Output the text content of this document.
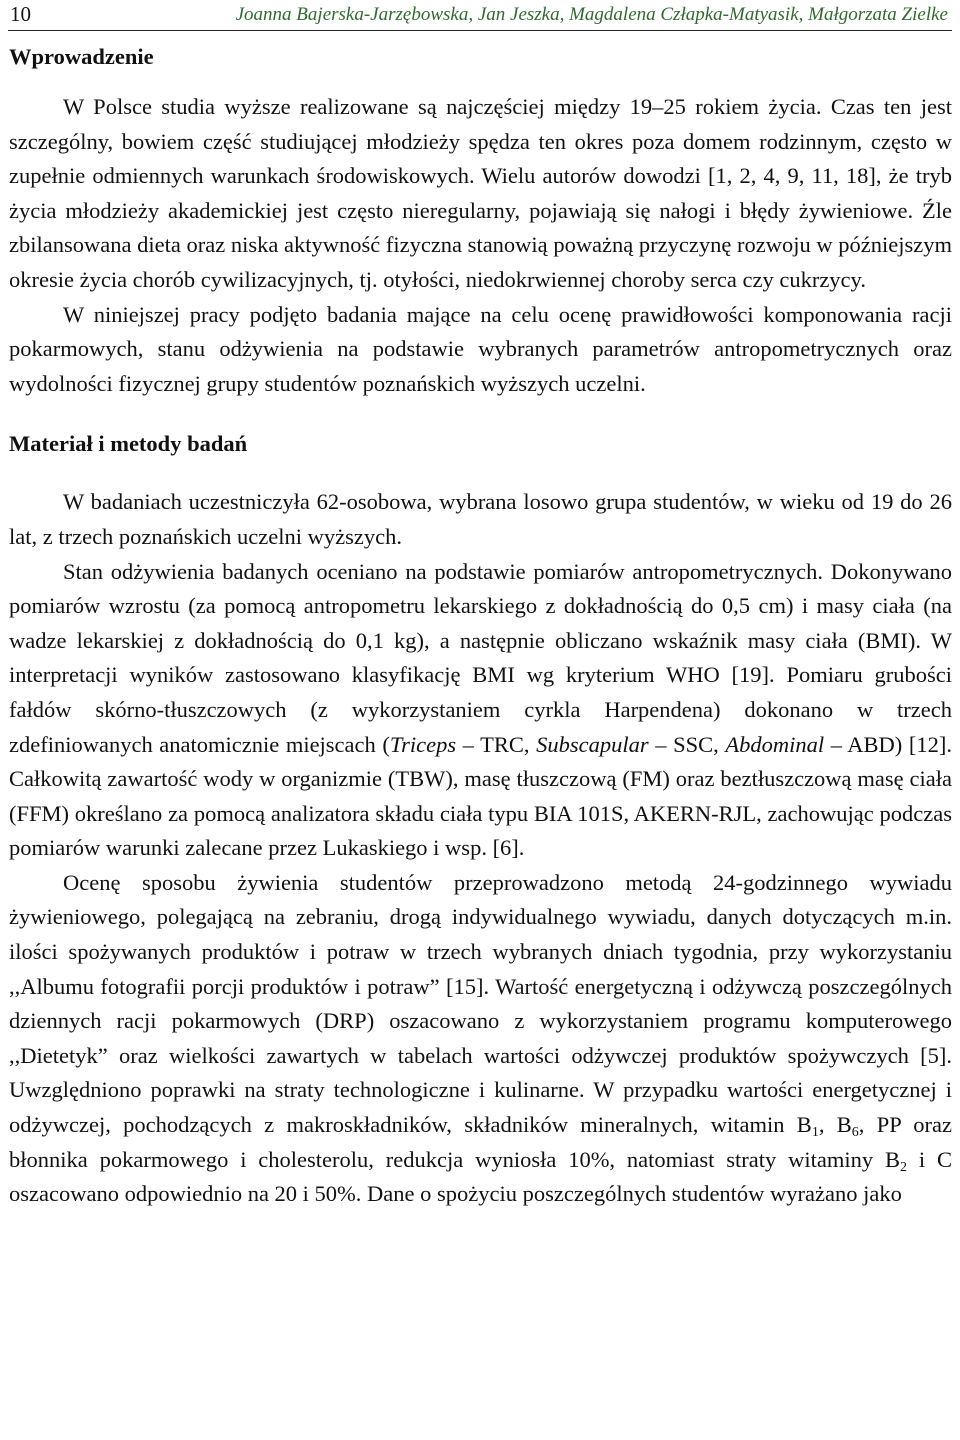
10	Joanna Bajerska-Jarzębowska, Jan Jeszka, Magdalena Człapka-Matyasik, Małgorzata Zielke
Wprowadzenie

W Polsce studia wyższe realizowane są najczęściej między 19–25 rokiem życia. Czas ten jest szczególny, bowiem część studiującej młodzieży spędza ten okres poza domem rodzinnym, często w zupełnie odmiennych warunkach środowiskowych. Wielu autorów dowodzi [1, 2, 4, 9, 11, 18], że tryb życia młodzieży akademickiej jest często nieregularny, pojawiają się nałogi i błędy żywieniowe. Źle zbilansowana dieta oraz niska aktywność fizyczna stanowią poważną przyczynę rozwoju w późniejszym okresie życia chorób cywilizacyjnych, tj. otyłości, niedokrwiennej choroby serca czy cukrzycy.

W niniejszej pracy podjęto badania mające na celu ocenę prawidłowości komponowania racji pokarmowych, stanu odżywienia na podstawie wybranych parametrów antropometrycznych oraz wydolności fizycznej grupy studentów poznańskich wyższych uczelni.

Materiał i metody badań

W badaniach uczestniczyła 62-osobowa, wybrana losowo grupa studentów, w wieku od 19 do 26 lat, z trzech poznańskich uczelni wyższych.

Stan odżywienia badanych oceniano na podstawie pomiarów antropometrycznych. Dokonywano pomiarów wzrostu (za pomocą antropometru lekarskiego z dokładnością do 0,5 cm) i masy ciała (na wadze lekarskiej z dokładnością do 0,1 kg), a następnie obliczano wskaźnik masy ciała (BMI). W interpretacji wyników zastosowano klasyfikację BMI wg kryterium WHO [19]. Pomiaru grubości fałdów skórno-tłuszczowych (z wykorzystaniem cyrkla Harpendena) dokonano w trzech zdefiniowanych anatomicznie miejscach (Triceps – TRC, Subscapular – SSC, Abdominal – ABD) [12]. Całkowitą zawartość wody w organizmie (TBW), masę tłuszczową (FM) oraz beztłuszczową masę ciała (FFM) określano za pomocą analizatora składu ciała typu BIA 101S, AKERN-RJL, zachowując podczas pomiarów warunki zalecane przez Lukaskiego i wsp. [6].

Ocenę sposobu żywienia studentów przeprowadzono metodą 24-godzinnego wywiadu żywieniowego, polegającą na zebraniu, drogą indywidualnego wywiadu, danych dotyczących m.in. ilości spożywanych produktów i potraw w trzech wybranych dniach tygodnia, przy wykorzystaniu ,,Albumu fotografii porcji produktów i potraw” [15]. Wartość energetyczną i odżywczą poszczególnych dziennych racji pokarmowych (DRP) oszacowano z wykorzystaniem programu komputerowego ,,Dietetyk” oraz wielkości zawartych w tabelach wartości odżywczej produktów spożywczych [5]. Uwzględniono poprawki na straty technologiczne i kulinarne. W przypadku wartości energetycznej i odżywczej, pochodzących z makroskładników, składników mineralnych, witamin $B_1$, $B_6$, PP oraz błonnika pokarmowego i cholesterolu, redukcja wyniosła 10%, natomiast straty witaminy $B_2$ i C oszacowano odpowiednio na 20 i 50%. Dane o spożyciu poszczególnych studentów wyrażano jako
